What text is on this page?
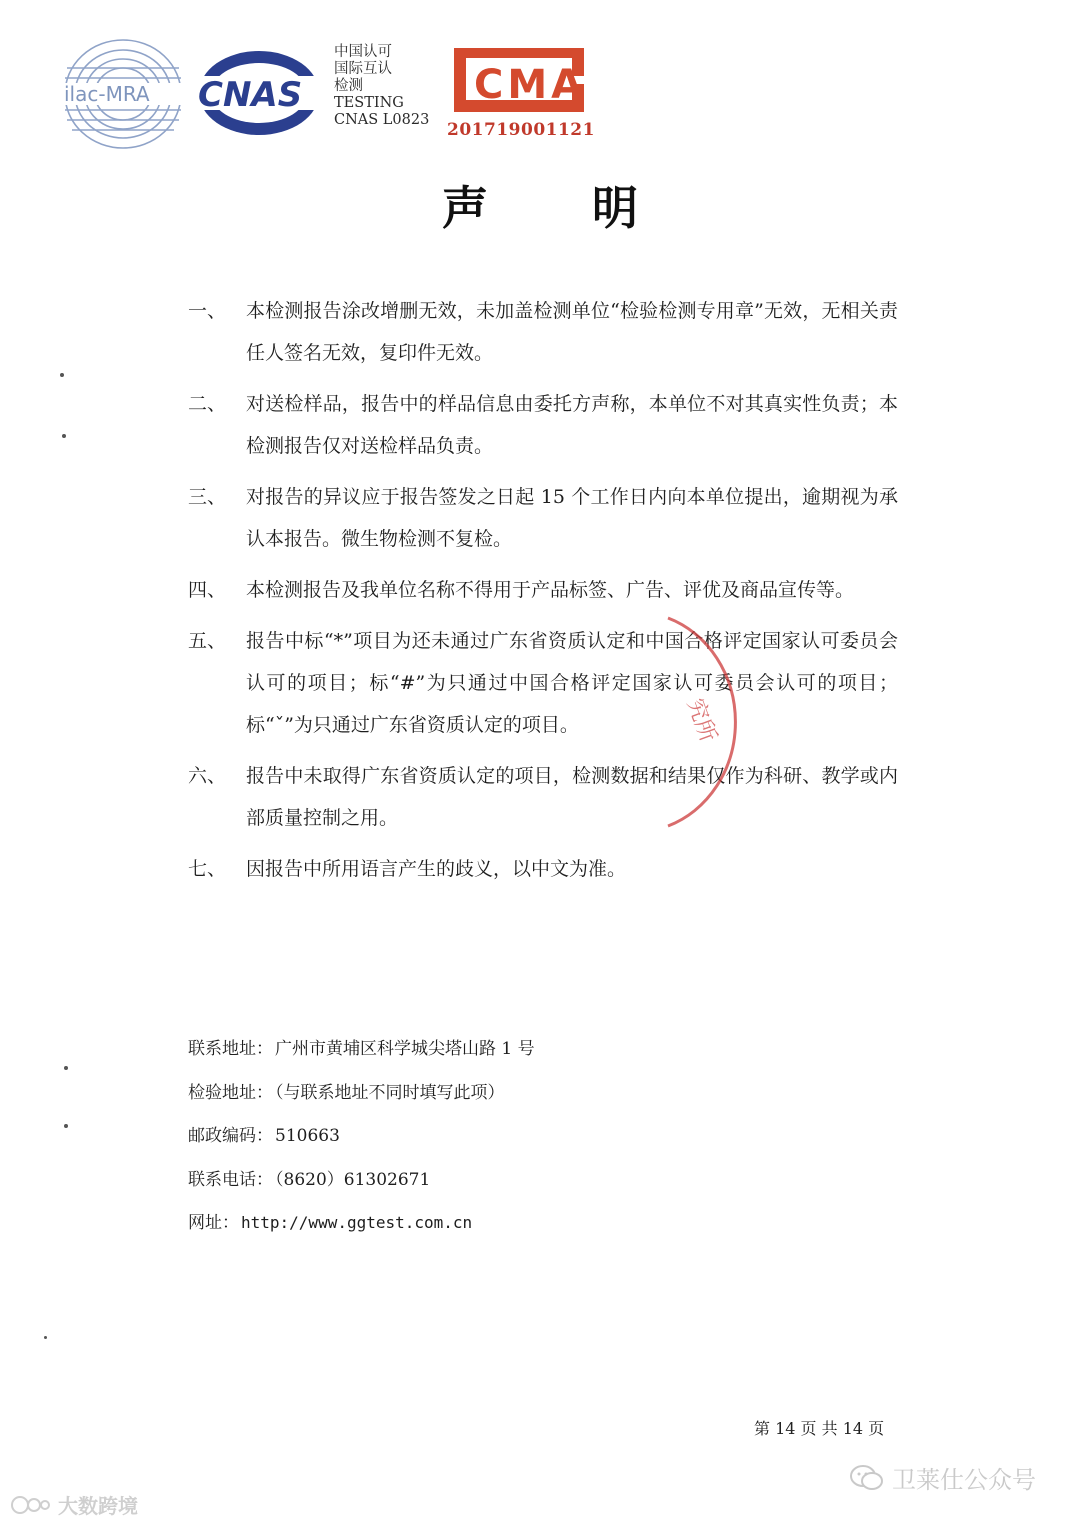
ilac-MRA CNAS
中国认可
国际互认
检测
TESTING
CNAS L0823
CMA
201719001121
声明
一、	本检测报告涂改增删无效，未加盖检测单位“检验检测专用章”无效，无相关责任人签名无效，复印件无效。
二、	对送检样品，报告中的样品信息由委托方声称，本单位不对其真实性负责；本检测报告仅对送检样品负责。
三、	对报告的异议应于报告签发之日起 15 个工作日内向本单位提出，逾期视为承认本报告。微生物检测不复检。
四、	本检测报告及我单位名称不得用于产品标签、广告、评优及商品宣传等。
五、	报告中标“*”项目为还未通过广东省资质认定和中国合格评定国家认可委员会认可的项目；标“#”为只通过中国合格评定国家认可委员会认可的项目；标“ˇ”为只通过广东省资质认定的项目。
六、	报告中未取得广东省资质认定的项目，检测数据和结果仅作为科研、教学或内部质量控制之用。
七、	因报告中所用语言产生的歧义，以中文为准。
究所
联系地址： 广州市黄埔区科学城尖塔山路 1 号
检验地址： （与联系地址不同时填写此项）
邮政编码： 510663
联系电话： （8620）61302671
网址： http://www.ggtest.com.cn
第 14 页 共 14 页
大数跨境
卫莱仕公众号
